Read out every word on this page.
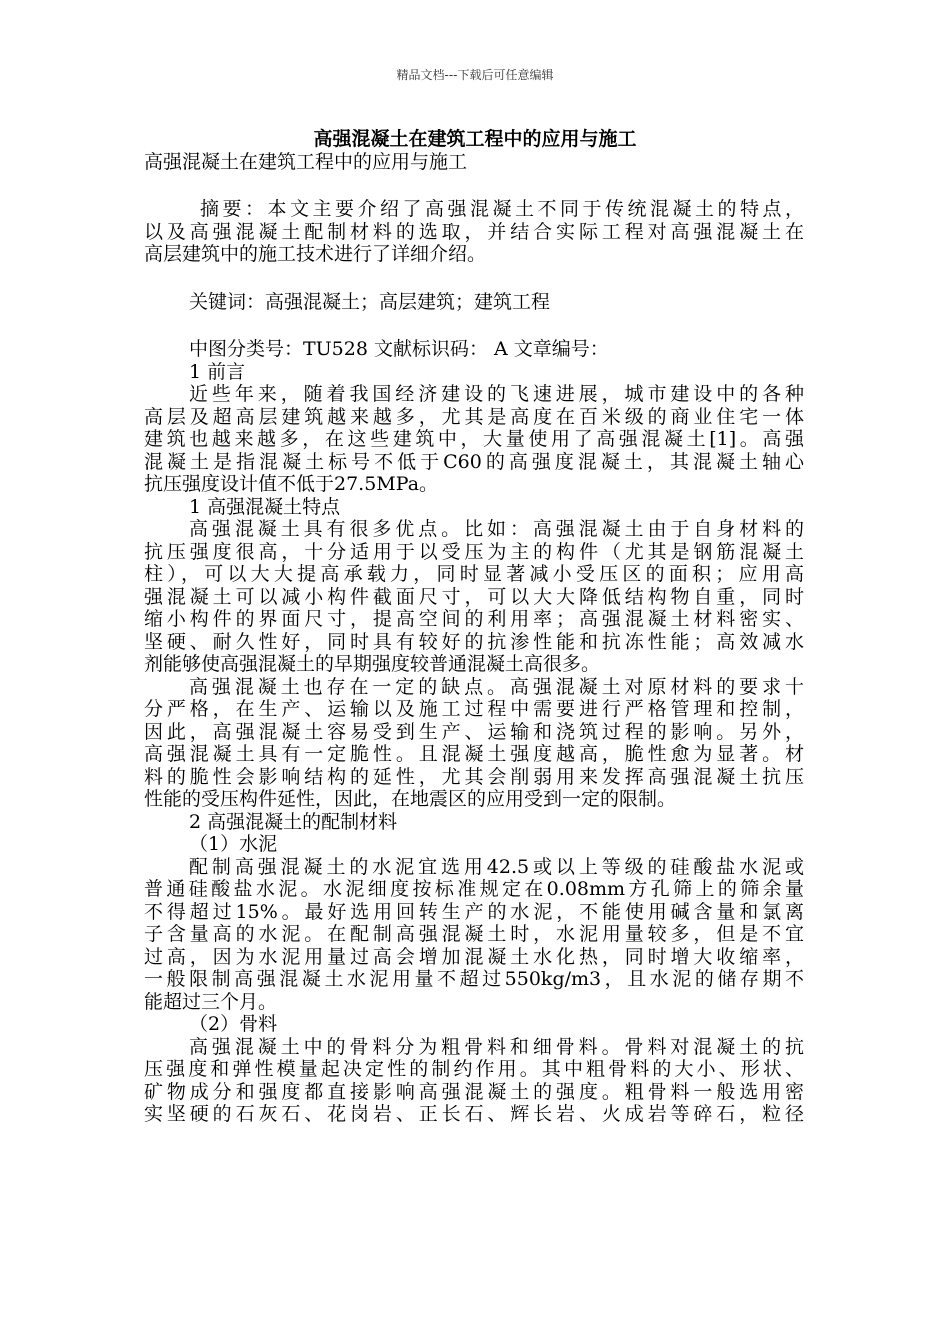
精品文档---下载后可任意编辑
高强混凝土在建筑工程中的应用与施工
高强混凝土在建筑工程中的应用与施工
摘要：本文主要介绍了高强混凝土不同于传统混凝土的特点，
以及高强混凝土配制材料的选取，并结合实际工程对高强混凝土在
高层建筑中的施工技术进行了详细介绍。
关键词：高强混凝土；高层建筑；建筑工程
中图分类号：TU528 文献标识码： A 文章编号：
1 前言
近些年来，随着我国经济建设的飞速进展，城市建设中的各种
高层及超高层建筑越来越多，尤其是高度在百米级的商业住宅一体
建筑也越来越多，在这些建筑中，大量使用了高强混凝土[1]。高强
混凝土是指混凝土标号不低于C60的高强度混凝土，其混凝土轴心
抗压强度设计值不低于27.5MPa。
1 高强混凝土特点
高强混凝土具有很多优点。比如：高强混凝土由于自身材料的
抗压强度很高，十分适用于以受压为主的构件（尤其是钢筋混凝土
柱），可以大大提高承载力，同时显著减小受压区的面积；应用高
强混凝土可以减小构件截面尺寸，可以大大降低结构物自重，同时
缩小构件的界面尺寸，提高空间的利用率；高强混凝土材料密实、
坚硬、耐久性好，同时具有较好的抗渗性能和抗冻性能；高效减水
剂能够使高强混凝土的早期强度较普通混凝土高很多。
高强混凝土也存在一定的缺点。高强混凝土对原材料的要求十
分严格，在生产、运输以及施工过程中需要进行严格管理和控制，
因此，高强混凝土容易受到生产、运输和浇筑过程的影响。另外，
高强混凝土具有一定脆性。且混凝土强度越高，脆性愈为显著。材
料的脆性会影响结构的延性，尤其会削弱用来发挥高强混凝土抗压
性能的受压构件延性，因此，在地震区的应用受到一定的限制。
2 高强混凝土的配制材料
（1）水泥
配制高强混凝土的水泥宜选用42.5或以上等级的硅酸盐水泥或
普通硅酸盐水泥。水泥细度按标准规定在0.08mm方孔筛上的筛余量
不得超过15%。最好选用回转生产的水泥，不能使用碱含量和氯离
子含量高的水泥。在配制高强混凝土时，水泥用量较多，但是不宜
过高，因为水泥用量过高会增加混凝土水化热，同时增大收缩率，
一般限制高强混凝土水泥用量不超过550kg/m3，且水泥的储存期不
能超过三个月。
（2）骨料
高强混凝土中的骨料分为粗骨料和细骨料。骨料对混凝土的抗
压强度和弹性模量起决定性的制约作用。其中粗骨料的大小、形状、
矿物成分和强度都直接影响高强混凝土的强度。粗骨料一般选用密
实坚硬的石灰石、花岗岩、正长石、辉长岩、火成岩等碎石，粒径
